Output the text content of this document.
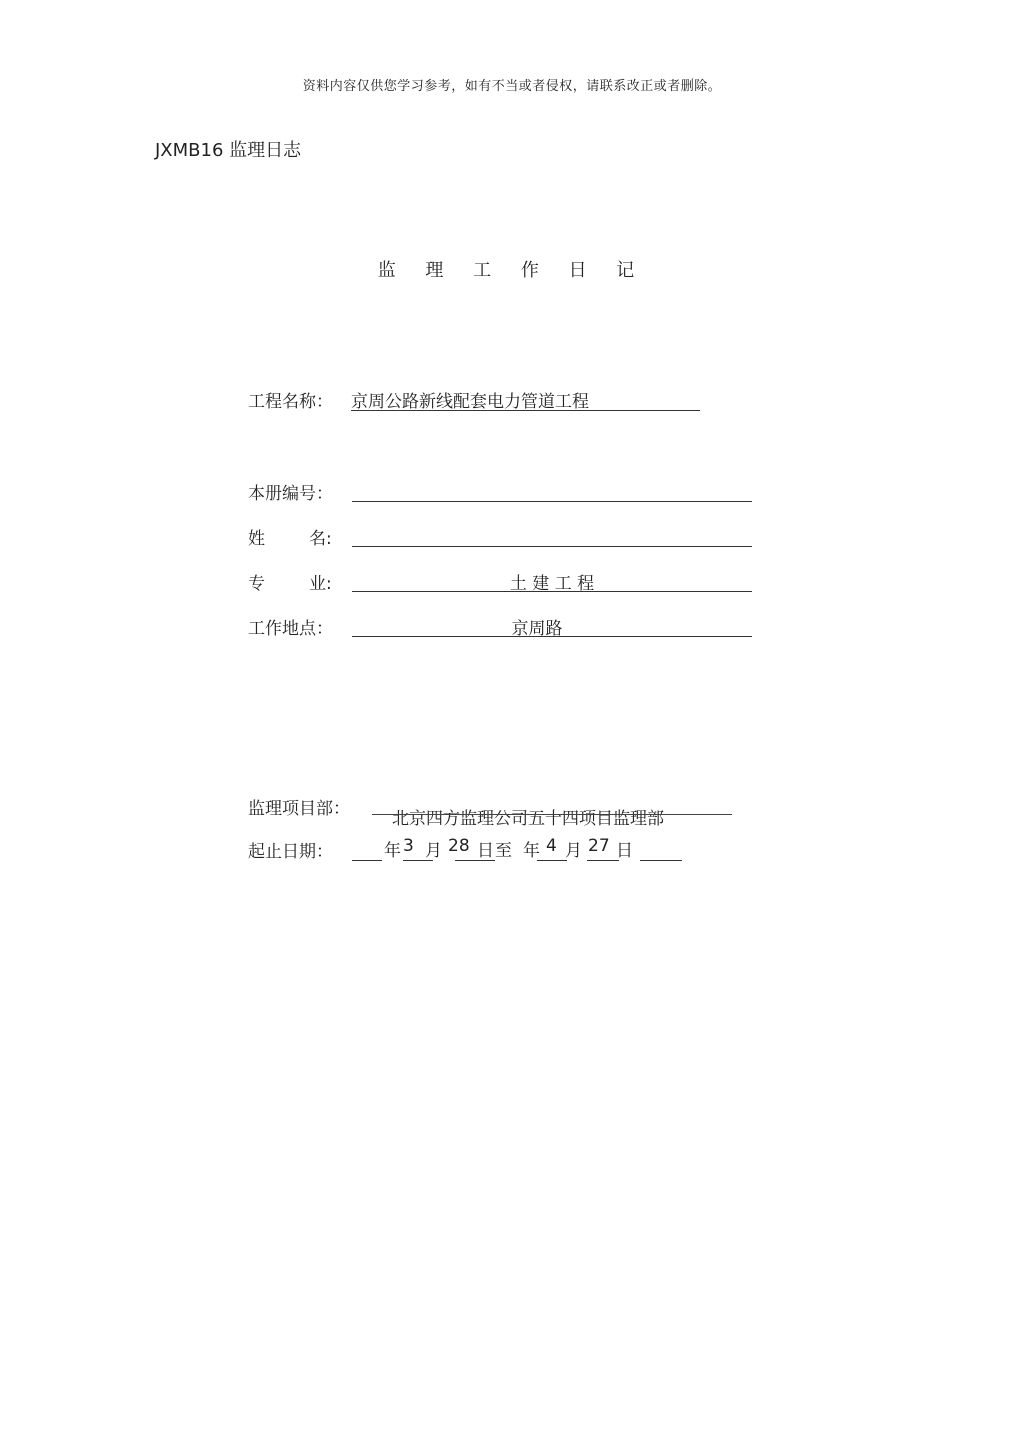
资料内容仅供您学习参考，如有不当或者侵权，请联系改正或者删除。
JXMB16 监理日志
监 理 工 作 日 记
工程名称： 京周公路新线配套电力管道工程
本册编号：
姓	名:
专	业:	土 建 工 程
工作地点：	京周路
监理项目部： 北京四方监理公司五十四项目监理部
起止日期：	年 3 月 28 日 至 年 4 月 27 日
